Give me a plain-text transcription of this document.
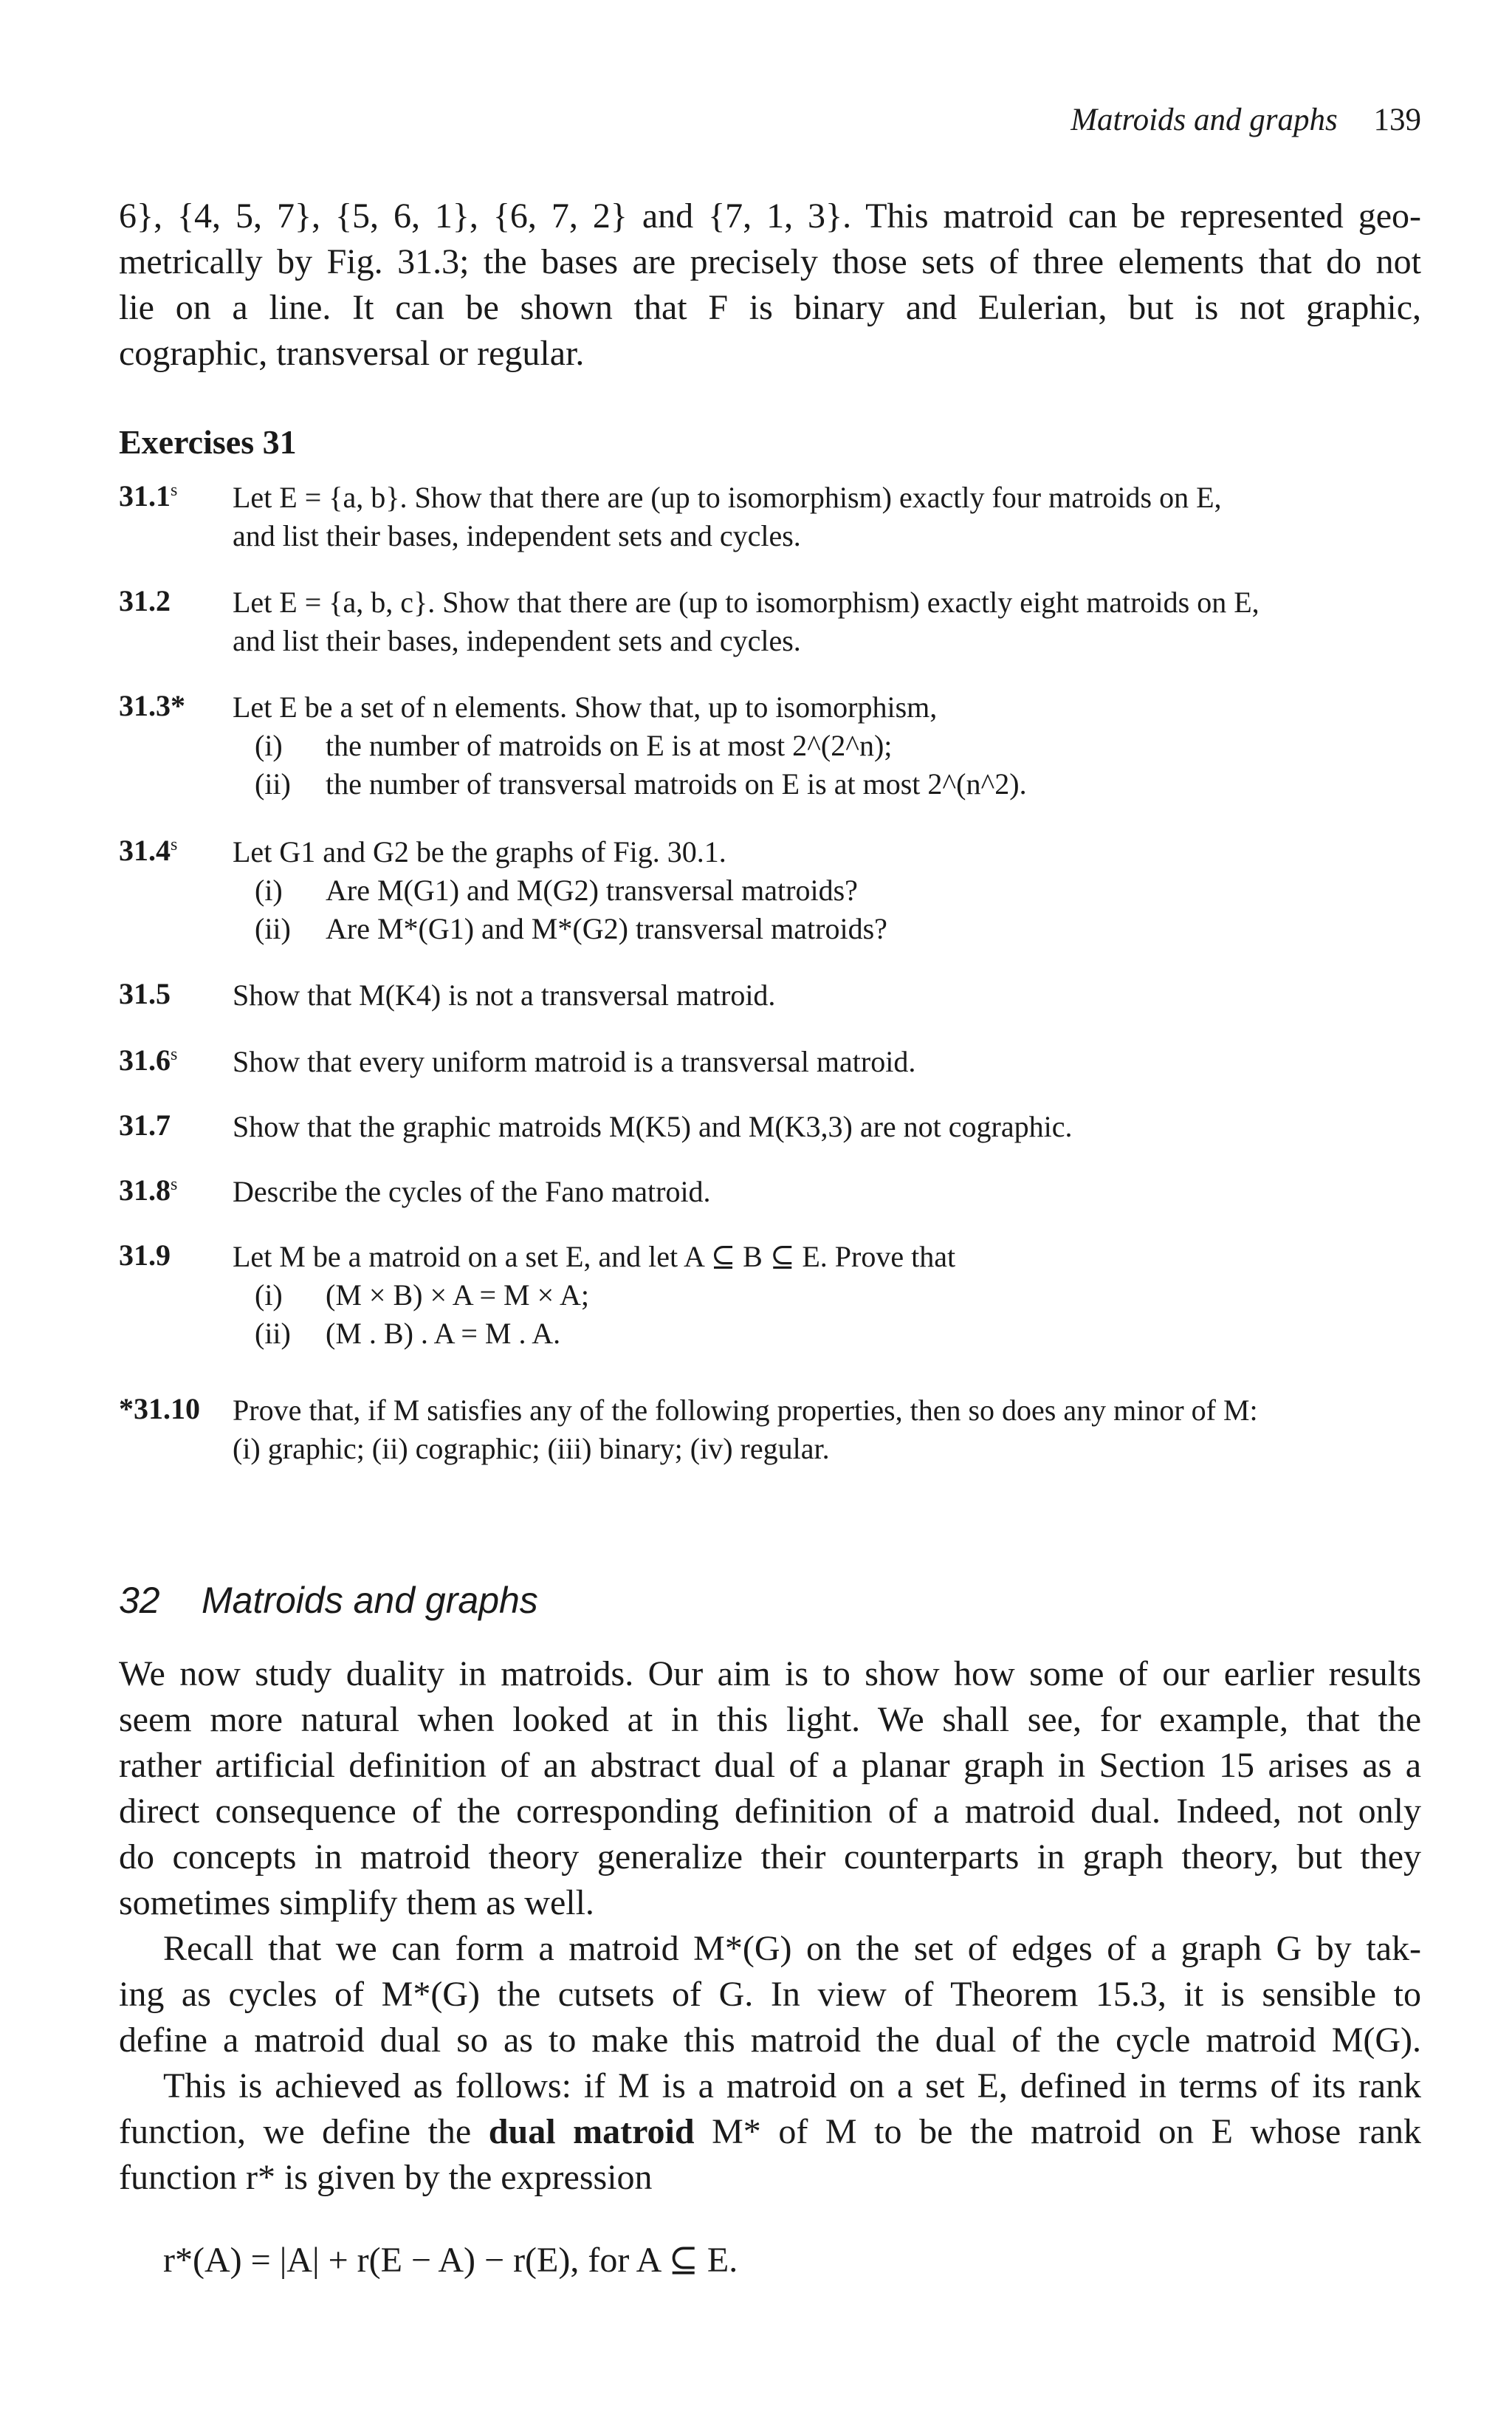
Matroids and graphs 139
6}, {4, 5, 7}, {5, 6, 1}, {6, 7, 2} and {7, 1, 3}. This matroid can be represented geo-
metrically by Fig. 31.3; the bases are precisely those sets of three elements that do not
lie on a line. It can be shown that F is binary and Eulerian, but is not graphic,
cographic, transversal or regular.
Exercises 31
31.1$^s$ Let E = {a, b}. Show that there are (up to isomorphism) exactly four matroids on E,
and list their bases, independent sets and cycles.
31.2 Let E = {a, b, c}. Show that there are (up to isomorphism) exactly eight matroids on E,
and list their bases, independent sets and cycles.
31.3* Let E be a set of n elements. Show that, up to isomorphism,
(i) the number of matroids on E is at most 2^(2^n);
(ii) the number of transversal matroids on E is at most 2^(n^2).
31.4$^s$ Let G1 and G2 be the graphs of Fig. 30.1.
(i) Are M(G1) and M(G2) transversal matroids?
(ii) Are M*(G1) and M*(G2) transversal matroids?
31.5 Show that M(K4) is not a transversal matroid.
31.6$^s$ Show that every uniform matroid is a transversal matroid.
31.7 Show that the graphic matroids M(K5) and M(K3,3) are not cographic.
31.8$^s$ Describe the cycles of the Fano matroid.
31.9 Let M be a matroid on a set E, and let A ⊆ B ⊆ E. Prove that
(i) (M × B) × A = M × A;
(ii) (M . B) . A = M . A.
*31.10 Prove that, if M satisfies any of the following properties, then so does any minor of M:
(i) graphic; (ii) cographic; (iii) binary; (iv) regular.
32 Matroids and graphs
We now study duality in matroids. Our aim is to show how some of our earlier results
seem more natural when looked at in this light. We shall see, for example, that the
rather artificial definition of an abstract dual of a planar graph in Section 15 arises as a
direct consequence of the corresponding definition of a matroid dual. Indeed, not only
do concepts in matroid theory generalize their counterparts in graph theory, but they
sometimes simplify them as well.
Recall that we can form a matroid M*(G) on the set of edges of a graph G by tak-
ing as cycles of M*(G) the cutsets of G. In view of Theorem 15.3, it is sensible to
define a matroid dual so as to make this matroid the dual of the cycle matroid M(G).
This is achieved as follows: if M is a matroid on a set E, defined in terms of its rank
function, we define the dual matroid M* of M to be the matroid on E whose rank
function r* is given by the expression
r*(A) = |A| + r(E − A) − r(E), for A ⊆ E.
